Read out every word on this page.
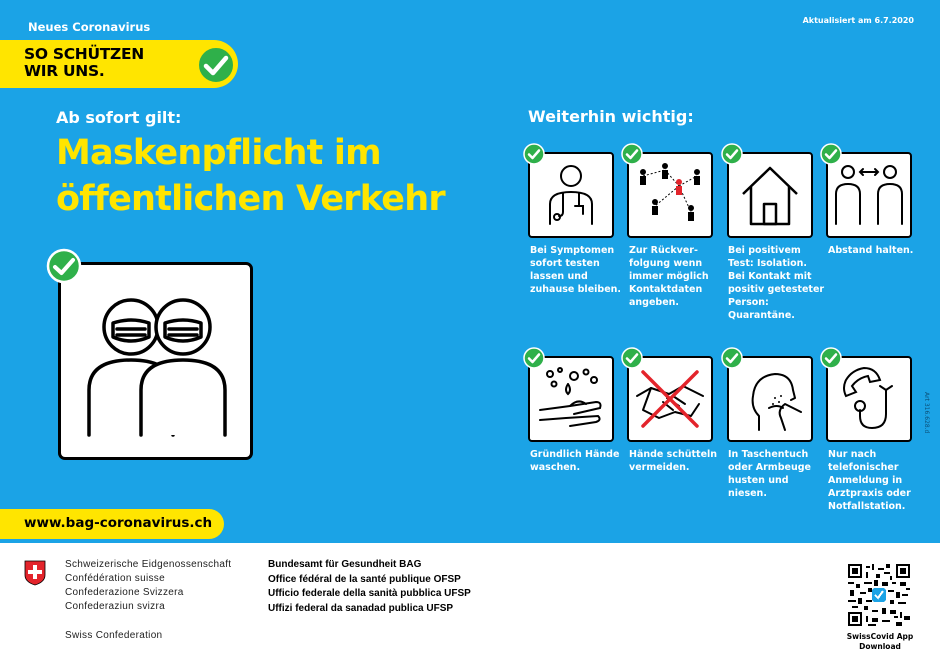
Neues Coronavirus	Aktualisiert am 6.7.2020
SO SCHÜTZEN
WIR UNS.
Ab sofort gilt:
Maskenpflicht im
öffentlichen Verkehr
Weiterhin wichtig:
Bei Symptomen
sofort testen
lassen und
zuhause bleiben.
Zur Rückver-
folgung wenn
immer möglich
Kontaktdaten
angeben.
Bei positivem
Test: Isolation.
Bei Kontakt mit
positiv getesteter
Person:
Quarantäne.
Abstand halten.
Gründlich Hände
waschen.
Hände schütteln
vermeiden.
In Taschentuch
oder Armbeuge
husten und
niesen.
Nur nach
telefonischer
Anmeldung in
Arztpraxis oder
Notfallstation.
Art 316.628.d
www.bag-coronavirus.ch
Schweizerische Eidgenossenschaft
Confédération suisse
Confederazione Svizzera
Confederaziun svizra
Swiss Confederation
Bundesamt für Gesundheit BAG
Office fédéral de la santé publique OFSP
Ufficio federale della sanità pubblica UFSP
Uffizi federal da sanadad publica UFSP
SwissCovid App
Download
